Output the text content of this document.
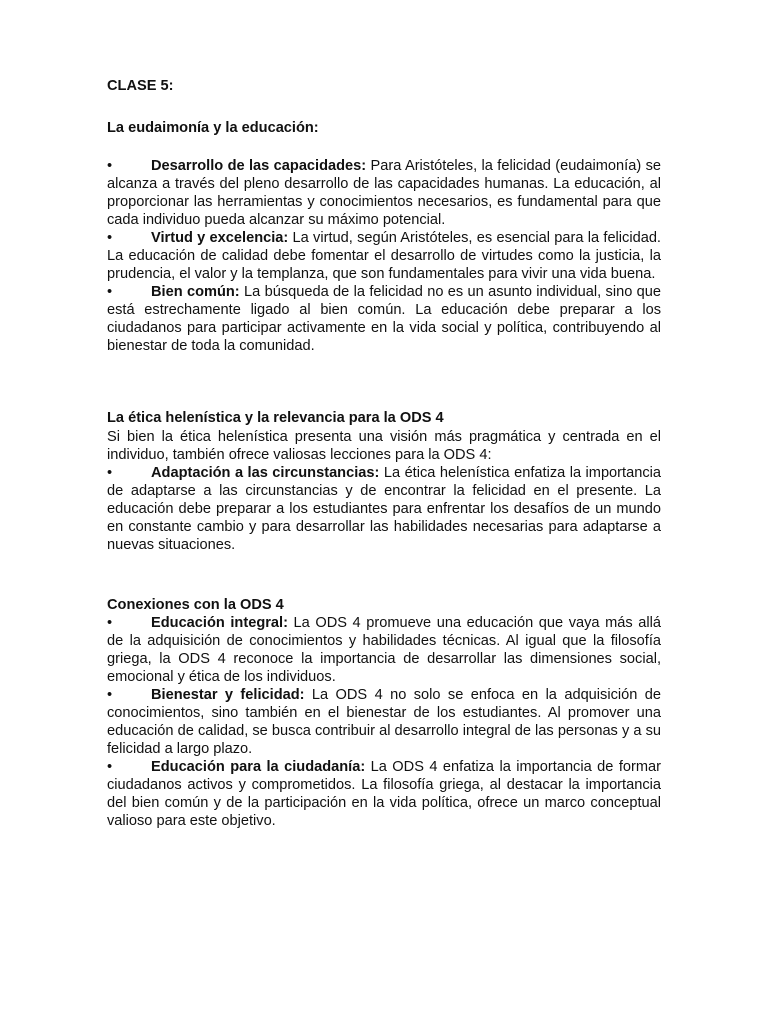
CLASE 5:
La eudaimonía y la educación:

•	Desarrollo de las capacidades: Para Aristóteles, la felicidad (eudaimonía) se alcanza a través del pleno desarrollo de las capacidades humanas. La educación, al proporcionar las herramientas y conocimientos necesarios, es fundamental para que cada individuo pueda alcanzar su máximo potencial.

•	Virtud y excelencia: La virtud, según Aristóteles, es esencial para la felicidad. La educación de calidad debe fomentar el desarrollo de virtudes como la justicia, la prudencia, el valor y la templanza, que son fundamentales para vivir una vida buena.

•	Bien común: La búsqueda de la felicidad no es un asunto individual, sino que está estrechamente ligado al bien común. La educación debe preparar a los ciudadanos para participar activamente en la vida social y política, contribuyendo al bienestar de toda la comunidad.

La ética helenística y la relevancia para la ODS 4

Si bien la ética helenística presenta una visión más pragmática y centrada en el individuo, también ofrece valiosas lecciones para la ODS 4:

•	Adaptación a las circunstancias: La ética helenística enfatiza la importancia de adaptarse a las circunstancias y de encontrar la felicidad en el presente. La educación debe preparar a los estudiantes para enfrentar los desafíos de un mundo en constante cambio y para desarrollar las habilidades necesarias para adaptarse a nuevas situaciones.

Conexiones con la ODS 4

•	Educación integral: La ODS 4 promueve una educación que vaya más allá de la adquisición de conocimientos y habilidades técnicas. Al igual que la filosofía griega, la ODS 4 reconoce la importancia de desarrollar las dimensiones social, emocional y ética de los individuos.

•	Bienestar y felicidad: La ODS 4 no solo se enfoca en la adquisición de conocimientos, sino también en el bienestar de los estudiantes. Al promover una educación de calidad, se busca contribuir al desarrollo integral de las personas y a su felicidad a largo plazo.

•	Educación para la ciudadanía: La ODS 4 enfatiza la importancia de formar ciudadanos activos y comprometidos. La filosofía griega, al destacar la importancia del bien común y de la participación en la vida política, ofrece un marco conceptual valioso para este objetivo.
